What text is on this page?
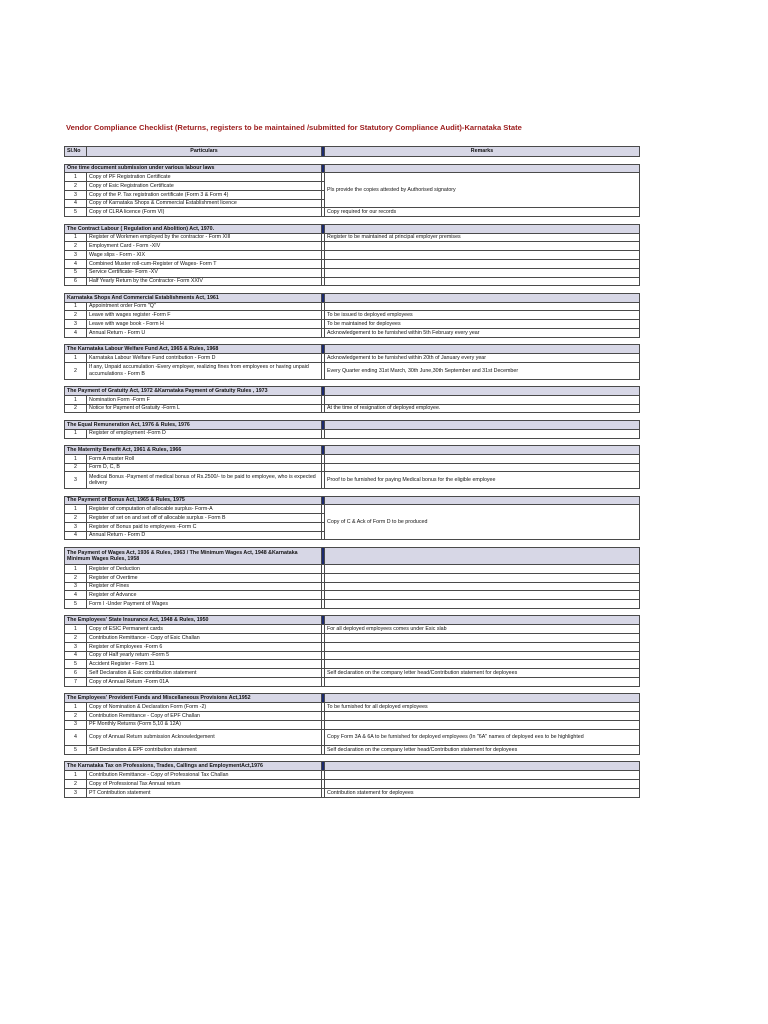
Vendor Compliance Checklist (Returns, registers to be maintained /submitted for Statutory Compliance Audit)-Karnataka State
Sl.No	Particulars		Remarks

One time document submission under various labour laws			
1	Copy of PF Registration Certificate		Pls provide the copies attested by Authorised signatory
2	Copy of Esic Registration Certificate		
3	Copy of the P. Tax registration certificate (Form 3 & Form 4)		
4	Copy of Karnataka Shops & Commercial Establishment licence		
5	Copy of CLRA licence (Form VI)		Copy required for our records

The Contract Labour ( Regulation and Abolition) Act, 1970.			
1	Register of Workmen employed by the contractor - Form XIII		Register to be maintained at principal employer premises
2	Employment Card - Form -XIV		
3	Wage slips - Form - XIX		
4	Combined Muster roll-cum-Register of Wages- Form T		
5	Service Certificate- Form -XV		
6	Half Yearly Return by the Contractor- Form XXIV		

Karnataka Shops And Commercial Establishments Act, 1961			
1	Appointment order Form "Q"		
2	Leave with wages register -Form F		To be issued to deployed employees
3	Leave with wage book - Form H		To be maintained for deployees
4	Annual Return - Form U		Acknowledgement to be furnished within 5th February every year

The Karnataka Labour Welfare Fund Act, 1965 & Rules, 1968			
1	Karnataka Labour Welfare Fund contribution - Form D		Acknowledgement to be furnished within 20th of January every year
2	If any, Unpaid accumulation -Every employer, realizing fines from employees or having unpaid accumulations - Form B		Every Quarter ending 31st March, 30th June,30th September and 31st December

The Payment of Gratuity Act, 1972 &Karnataka Payment of Gratuity Rules , 1973			
1	Nomination Form -Form F		
2	Notice for Payment of Gratuity -Form L		At the time of resignation of deployed employee.

The Equal Remuneration Act, 1976 & Rules, 1976			
1	Register of employment -Form D		

The Maternity Benefit Act, 1961 & Rules, 1966			
1	Form A muster Roll		
2	Form D, C, B		
3	Medical Bonus -Payment of medical bonus of Rs.2500/- to be paid to employee, who is expected delivery		Proof to be furnished for paying Medical bonus for the eligible employee

The Payment of Bonus Act, 1965 & Rules, 1975			
1	Register of computation of allocable surplus- Form-A		Copy of C & Ack of Form D to be produced
2	Register of set on and set off of allocable surplus - Form B		
3	Register of Bonus paid to employees -Form C		
4	Annual Return - Form D		

The Payment of Wages Act, 1936 & Rules, 1963 / The Minimum Wages Act, 1948 &Karnataka Minimum Wages Rules, 1958			
1	Register of Deduction		
2	Register of Overtime		
3	Register of Fines		
4	Register of Advance		
5	Form I -Under Payment of Wages		

The Employees' State Insurance Act, 1948 & Rules, 1950			
1	Copy of ESIC Permanent cards		For all deployed employees comes under Esic slab
2	Contribution Remittance - Copy of Esic Challan		
3	Register of Employees -Form 6		
4	Copy of Half yearly return -Form 5		
5	Accident Register - Form 11		
6	Self Declaration & Esic contribution statement		Self declaration on the company letter head/Contribution statement for deployees
7	Copy of Annual Return -Form 01A		

The Employees' Provident Funds and Miscellaneous Provisions Act,1952			
1	Copy of Nomination & Declaration Form (Form -2)		To be furnished for all deployed employees
2	Contribution Remittance - Copy of EPF Challan		
3	PF Monthly Returns (Form 5,10 & 12A)		
4	Copy of Annual Return submission Acknowledgement		Copy Form 3A & 6A to be furnished for deployed employees (In "6A" names of deployed ees to be highlighted
5	Self Declaration & EPF contribution statement		Self declaration on the company letter head/Contribution statement for deployees

The Karnataka Tax on Professions, Trades, Callings and EmploymentAct,1976			
1	Contribution Remittance - Copy of Professional Tax Challan		
2	Copy of Professional Tax Annual return		
3	PT Contribution statement		Contribution statement for deployees
